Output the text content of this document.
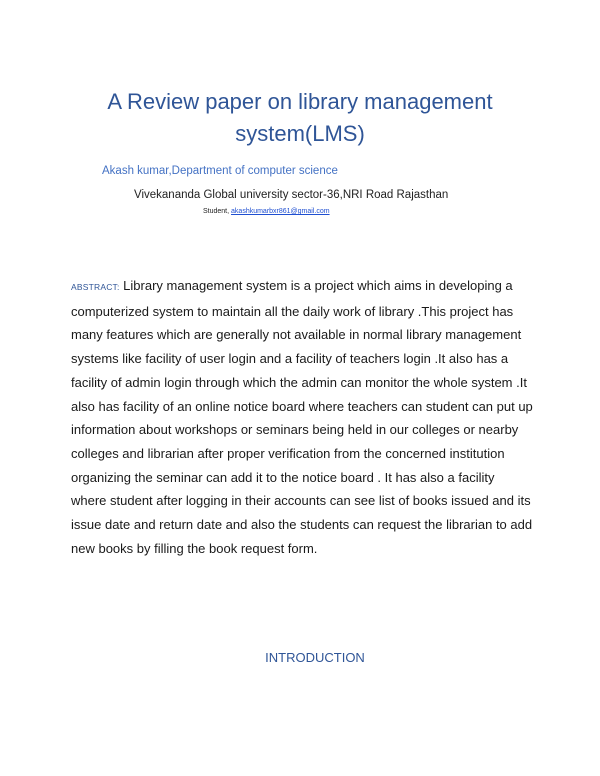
A Review paper on library management
system(LMS)
Akash kumar,Department of computer science
Vivekananda Global university sector-36,NRI Road Rajasthan
Student, akashkumarbxr861@gmail.com
ABSTRACT: Library management system is a project which aims in developing a computerized system to maintain all the daily work of library .This project has many features which are generally not available in normal library management systems like facility of user login and a facility of teachers login .It also has a facility of admin login through which the admin can monitor the whole system .It also has facility of an online notice board where teachers can student can put up information about workshops or seminars being held in our colleges or nearby colleges and librarian after proper verification from the concerned institution organizing the seminar can add it to the notice board . It has also a facility where student after logging in their accounts can see list of books issued and its issue date and return date and also the students can request the librarian to add new books by filling the book request form.
INTRODUCTION
